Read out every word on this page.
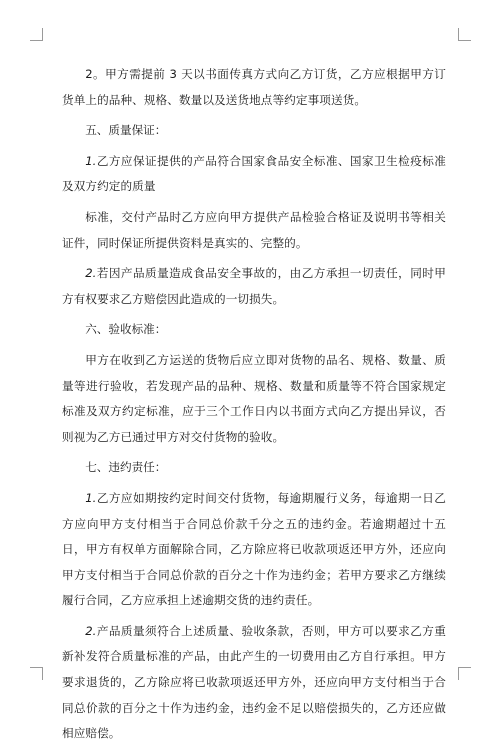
2。甲方需提前 3 天以书面传真方式向乙方订货，乙方应根据甲方订货单上的品种、规格、数量以及送货地点等约定事项送货。

五、质量保证：

1.乙方应保证提供的产品符合国家食品安全标准、国家卫生检疫标准及双方约定的质量

标准，交付产品时乙方应向甲方提供产品检验合格证及说明书等相关证件，同时保证所提供资料是真实的、完整的。

2.若因产品质量造成食品安全事故的，由乙方承担一切责任，同时甲方有权要求乙方赔偿因此造成的一切损失。

六、验收标准：

甲方在收到乙方运送的货物后应立即对货物的品名、规格、数量、质量等进行验收，若发现产品的品种、规格、数量和质量等不符合国家规定标准及双方约定标准，应于三个工作日内以书面方式向乙方提出异议，否则视为乙方已通过甲方对交付货物的验收。

七、违约责任：

1.乙方应如期按约定时间交付货物，每逾期履行义务，每逾期一日乙方应向甲方支付相当于合同总价款千分之五的违约金。若逾期超过十五日，甲方有权单方面解除合同，乙方除应将已收款项返还甲方外，还应向甲方支付相当于合同总价款的百分之十作为违约金；若甲方要求乙方继续履行合同，乙方应承担上述逾期交货的违约责任。

2.产品质量须符合上述质量、验收条款，否则，甲方可以要求乙方重新补发符合质量标准的产品，由此产生的一切费用由乙方自行承担。甲方要求退货的，乙方除应将已收款项返还甲方外，还应向甲方支付相当于合同总价款的百分之十作为违约金，违约金不足以赔偿损失的，乙方还应做相应赔偿。
